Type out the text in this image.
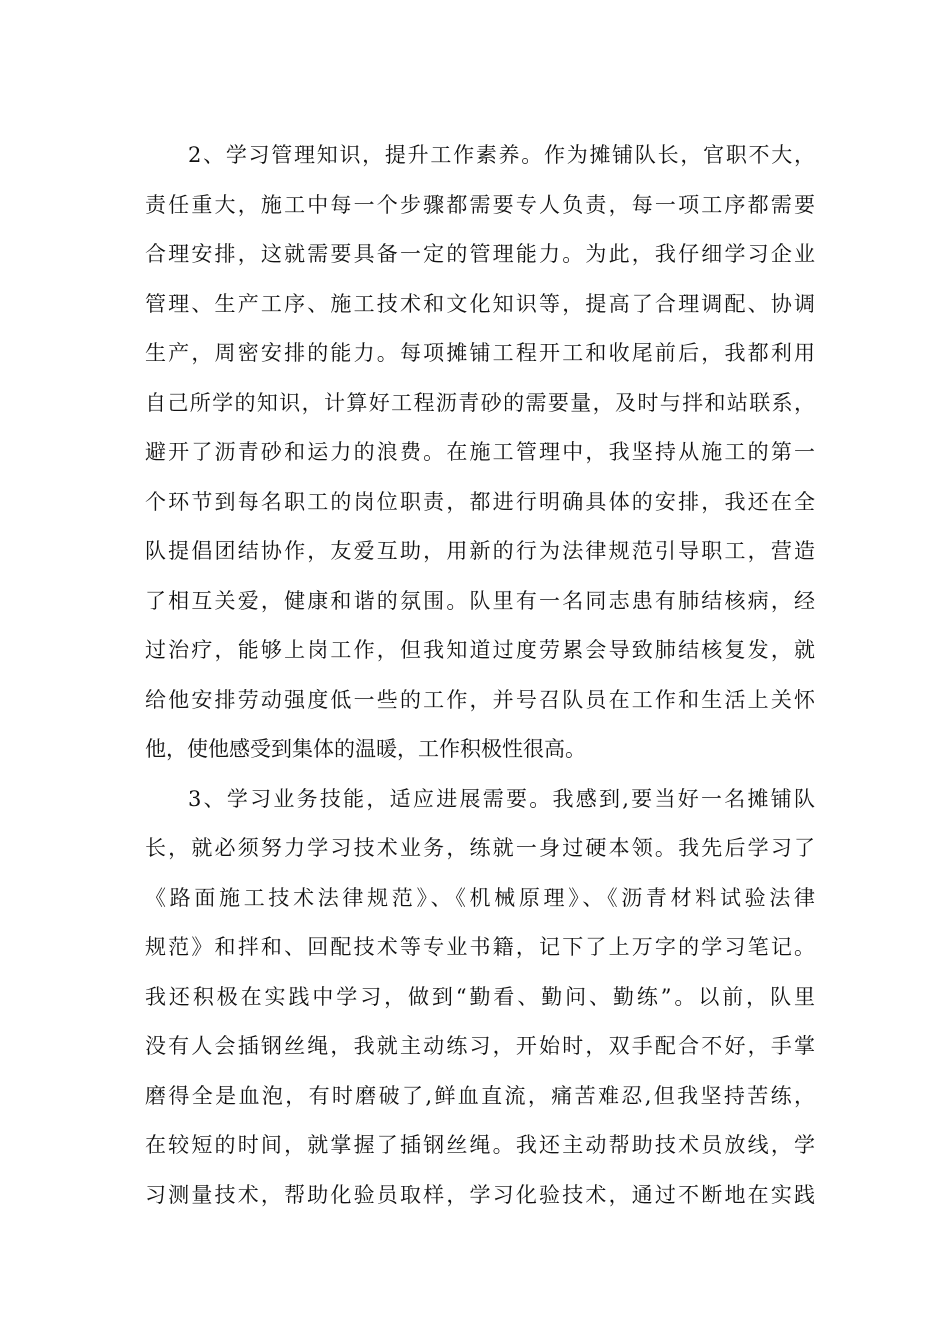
2、学习管理知识，提升工作素养。作为摊铺队长，官职不大，
责任重大，施工中每一个步骤都需要专人负责，每一项工序都需要
合理安排，这就需要具备一定的管理能力。为此，我仔细学习企业
管理、生产工序、施工技术和文化知识等，提高了合理调配、协调
生产，周密安排的能力。每项摊铺工程开工和收尾前后，我都利用
自己所学的知识，计算好工程沥青砂的需要量，及时与拌和站联系，
避开了沥青砂和运力的浪费。在施工管理中，我坚持从施工的第一
个环节到每名职工的岗位职责，都进行明确具体的安排，我还在全
队提倡团结协作，友爱互助，用新的行为法律规范引导职工，营造
了相互关爱，健康和谐的氛围。队里有一名同志患有肺结核病，经
过治疗，能够上岗工作，但我知道过度劳累会导致肺结核复发，就
给他安排劳动强度低一些的工作，并号召队员在工作和生活上关怀
他，使他感受到集体的温暖，工作积极性很高。
3、学习业务技能，适应进展需要。我感到,要当好一名摊铺队
长，就必须努力学习技术业务，练就一身过硬本领。我先后学习了
《路面施工技术法律规范》、《机械原理》、《沥青材料试验法律
规范》和拌和、回配技术等专业书籍，记下了上万字的学习笔记。
我还积极在实践中学习，做到“勤看、勤问、勤练”。以前，队里
没有人会插钢丝绳，我就主动练习，开始时，双手配合不好，手掌
磨得全是血泡，有时磨破了,鲜血直流，痛苦难忍,但我坚持苦练，
在较短的时间，就掌握了插钢丝绳。我还主动帮助技术员放线，学
习测量技术，帮助化验员取样，学习化验技术，通过不断地在实践
